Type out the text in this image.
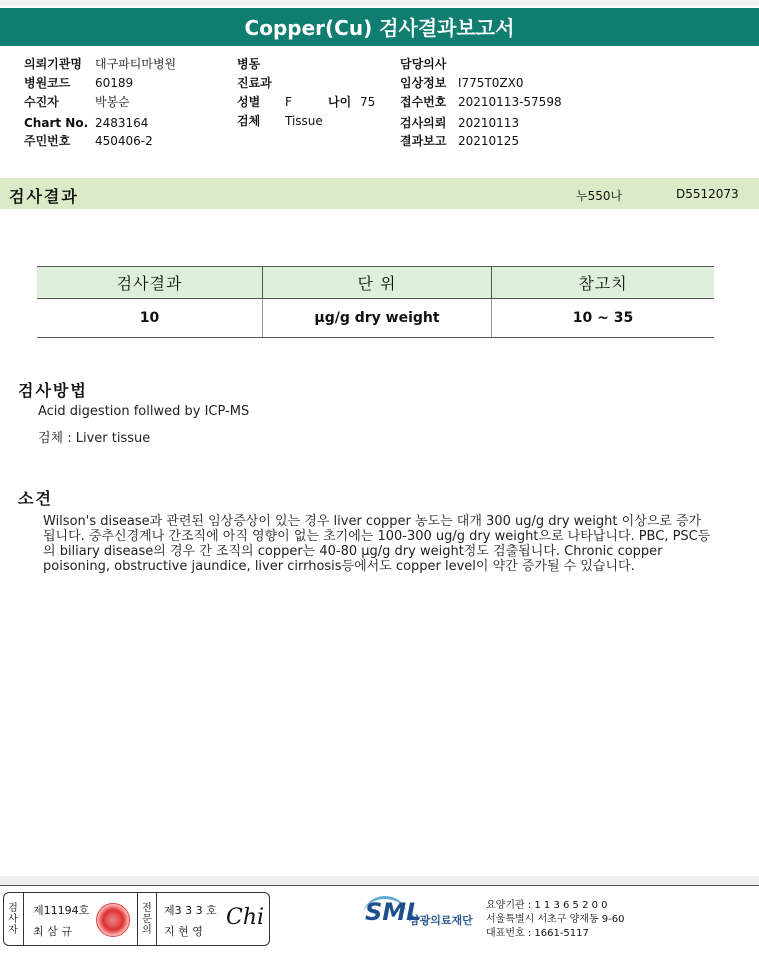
Copper(Cu) 검사결과보고서
의뢰기관명 대구파티마병원
병원코드 60189
수진자	박봉순
Chart No. 2483164
주민번호 450406-2
병동
진료과
성별 F	나이 75
검체 Tissue
담당의사
임상정보 I775T0ZX0
접수번호 20210113-57598
검사의뢰 20210113
결과보고 20210125
검사결과	누550나	D5512073
검사결과	단 위	참고치
10	µg/g dry weight	10 ~ 35
검사방법
Acid digestion follwed by ICP-MS
검체 : Liver tissue
소견
Wilson's disease과 관련된 임상증상이 있는 경우 liver copper 농도는 대개 300 ug/g dry weight 이상으로 증가됩니다. 중추신경계나 간조직에 아직 영향이 없는 초기에는 100-300 ug/g dry weight으로 나타납니다. PBC, PSC등의 biliary disease의 경우 간 조직의 copper는 40-80 µg/g dry weight정도 검출됩니다. Chronic copper poisoning, obstructive jaundice, liver cirrhosis등에서도 copper level이 약간 증가될 수 있습니다.
검사자
제11194호
최 삼 규
전문의
제3 3 3 호
지 현 영
Chi	SML
삼광의료재단
요양기관 : 1 1 3 6 5 2 0 0
서울특별시 서초구 양재동 9-60
대표번호 : 1661-5117
